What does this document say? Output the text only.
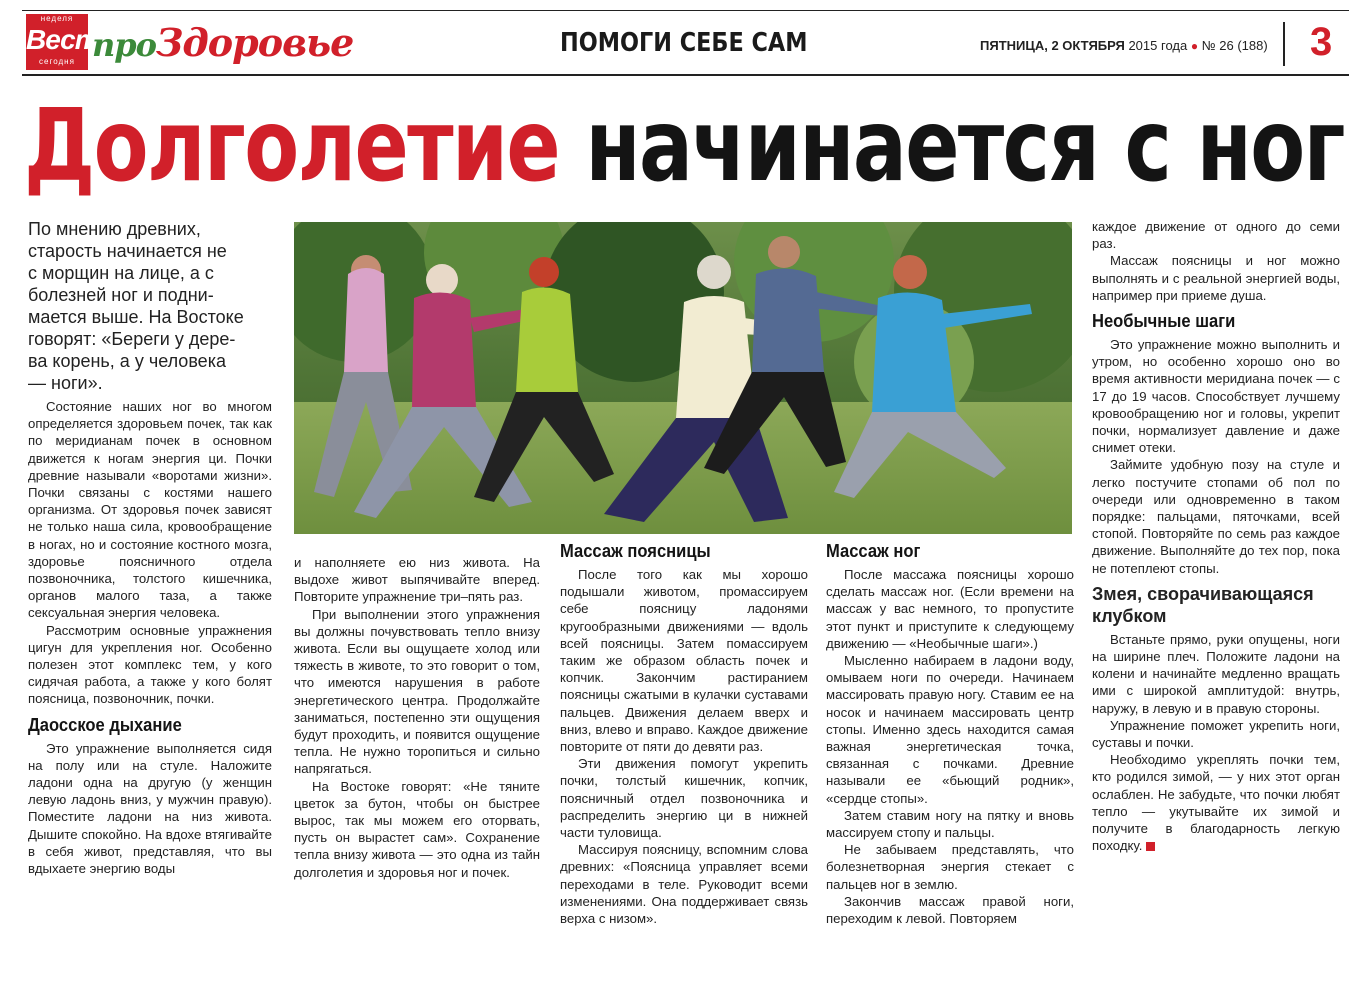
неделя
Вести
сегодня проЗдоровье	ПОМОГИ СЕБЕ САМ	ПЯТНИЦА, 2 ОКТЯБРЯ 2015 года ● № 26 (188) 3
Долголетие начинается с ног
По мнению древних,
старость начинается не
с морщин на лице, а с
болезней ног и подни-
мается выше. На Востоке
говорят: «Береги у дере-
ва корень, а у человека
— ноги».

Состояние наших ног во многом определяется здоровьем почек, так как по меридианам почек в основном движется к ногам энергия ци. Почки древние называли «воротами жизни». Почки связаны с костями нашего организма. От здоровья почек зависят не только наша сила, кровообращение в ногах, но и состояние костного мозга, здоровье поясничного отдела позвоночника, толстого кишечника, органов малого таза, а также сексуальная энергия человека.

Рассмотрим основные упражнения цигун для укрепления ног. Особенно полезен этот комплекс тем, у кого сидячая работа, а также у кого болят поясница, позвоночник, почки.

Даосское дыхание

Это упражнение выполняется сидя на полу или на стуле. Наложите ладони одна на другую (у женщин левую ладонь вниз, у мужчин правую). Поместите ладони на низ живота. Дышите спокойно. На вдохе втягивайте в себя живот, представляя, что вы вдыхаете энергию воды

и наполняете ею низ живота. На выдохе живот выпячивайте вперед. Повторите упражнение три–пять раз.

При выполнении этого упражнения вы должны почувствовать тепло внизу живота. Если вы ощущаете холод или тяжесть в животе, то это говорит о том, что имеются нарушения в работе энергетического центра. Продолжайте заниматься, постепенно эти ощущения будут проходить, и появится ощущение тепла. Не нужно торопиться и сильно напрягаться.

На Востоке говорят: «Не тяните цветок за бутон, чтобы он быстрее вырос, так мы можем его оторвать, пусть он вырастет сам». Сохранение тепла внизу живота — это одна из тайн долголетия и здоровья ног и почек.

Массаж поясницы

После того как мы хорошо подышали животом, промассируем себе поясницу ладонями кругообразными движениями — вдоль всей поясницы. Затем помассируем таким же образом область почек и копчик. Закончим растиранием поясницы сжатыми в кулачки суставами пальцев. Движения делаем вверх и вниз, влево и вправо. Каждое движение повторите от пяти до девяти раз.

Эти движения помогут укрепить почки, толстый кишечник, копчик, поясничный отдел позвоночника и распределить энергию ци в нижней части туловища.

Массируя поясницу, вспомним слова древних: «Поясница управляет всеми переходами в теле. Руководит всеми изменениями. Она поддерживает связь верха с низом».

Массаж ног

После массажа поясницы хорошо сделать массаж ног. (Если времени на массаж у вас немного, то пропустите этот пункт и приступите к следующему движению — «Необычные шаги».)

Мысленно набираем в ладони воду, омываем ноги по очереди. Начинаем массировать правую ногу. Ставим ее на носок и начинаем массировать центр стопы. Именно здесь находится самая важная энергетическая точка, связанная с почками. Древние называли ее «бьющий родник», «сердце стопы».

Затем ставим ногу на пятку и вновь массируем стопу и пальцы.

Не забываем представлять, что болезнетворная энергия стекает с пальцев ног в землю.

Закончив массаж правой ноги, переходим к левой. Повторяем

каждое движение от одного до семи раз.

Массаж поясницы и ног можно выполнять и с реальной энергией воды, например при приеме душа.

Необычные шаги

Это упражнение можно выполнить и утром, но особенно хорошо оно во время активности меридиана почек — с 17 до 19 часов. Способствует лучшему кровообращению ног и головы, укрепит почки, нормализует давление и даже снимет отеки.

Займите удобную позу на стуле и легко постучите стопами об пол по очереди или одновременно в таком порядке: пальцами, пяточками, всей стопой. Повторяйте по семь раз каждое движение. Выполняйте до тех пор, пока не потеплеют стопы.

Змея, сворачивающаяся клубком

Встаньте прямо, руки опущены, ноги на ширине плеч. Положите ладони на колени и начинайте медленно вращать ими с широкой амплитудой: внутрь, наружу, в левую и в правую стороны.

Упражнение поможет укрепить ноги, суставы и почки.

Необходимо укреплять почки тем, кто родился зимой, — у них этот орган ослаблен. Не забудьте, что почки любят тепло — укутывайте их зимой и получите в благодарность легкую походку.
